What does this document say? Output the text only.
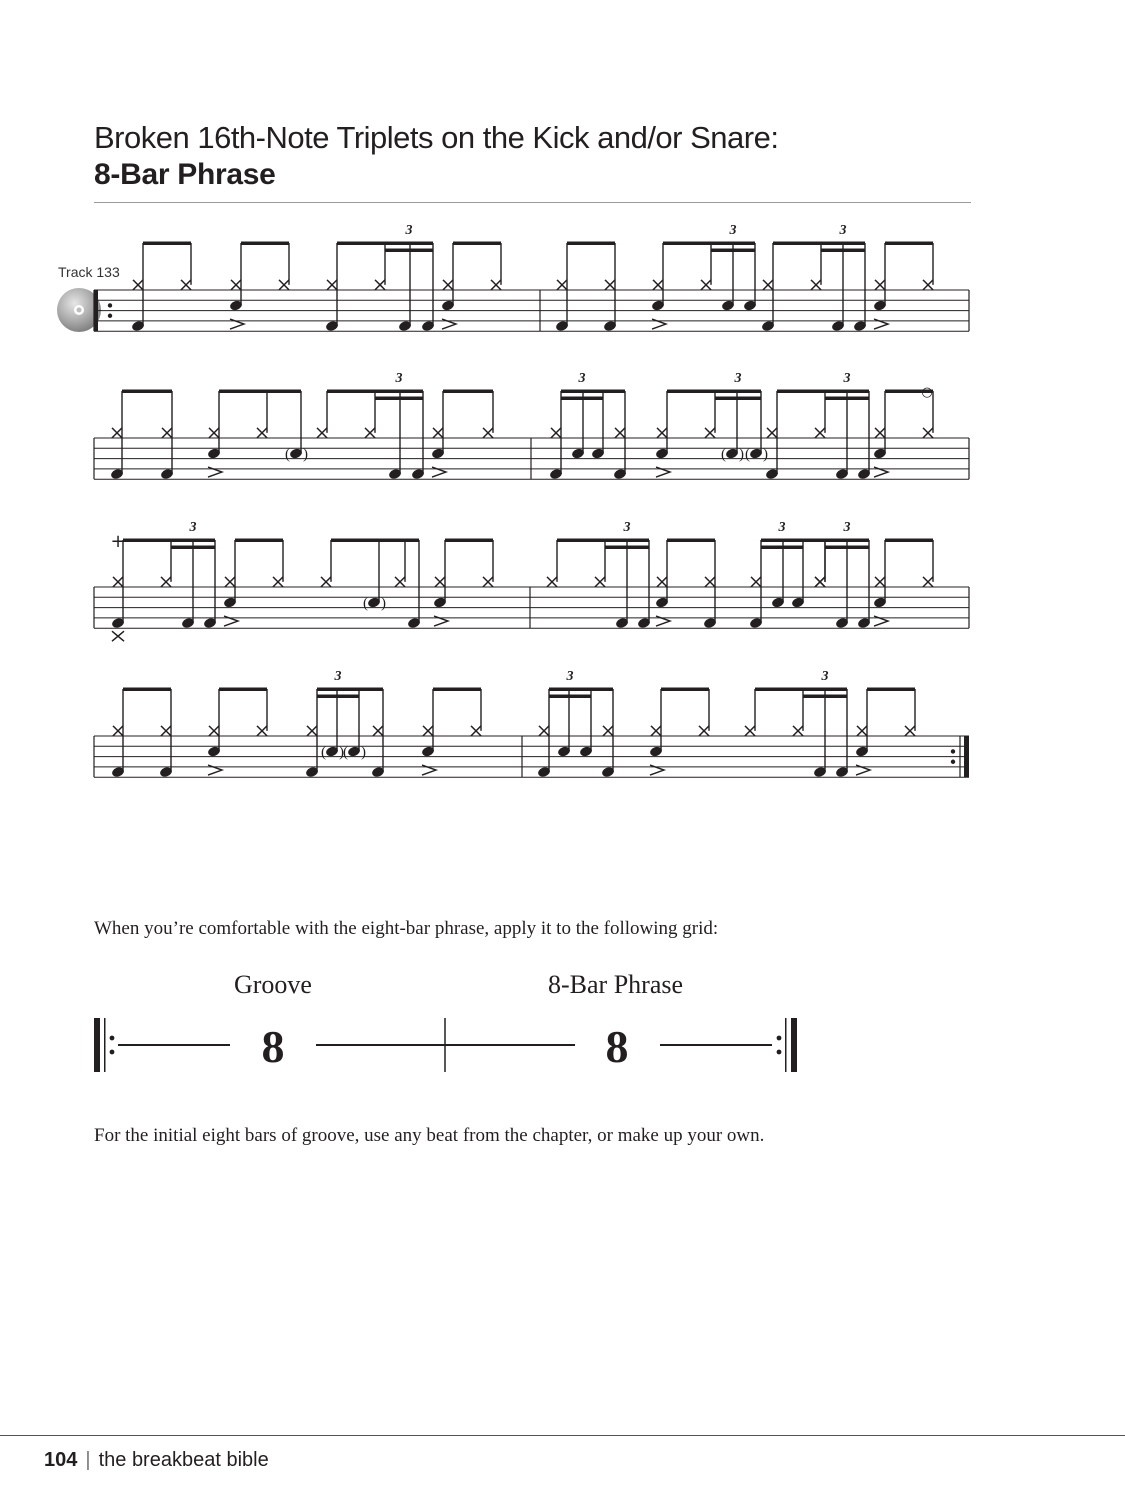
Broken 16th-Note Triplets on the Kick and/or Snare:
8-Bar Phrase
Track 133
3	3	3
( )
3	3
( ) ( )
3	3
3
( )
3	3	3
( ) ( )
3	3	3
○
+
When you’re comfortable with the eight-bar phrase, apply it to the following grid:
Groove	8-Bar Phrase
8	8
For the initial eight bars of groove, use any beat from the chapter, or make up your own.
104 | the breakbeat bible
